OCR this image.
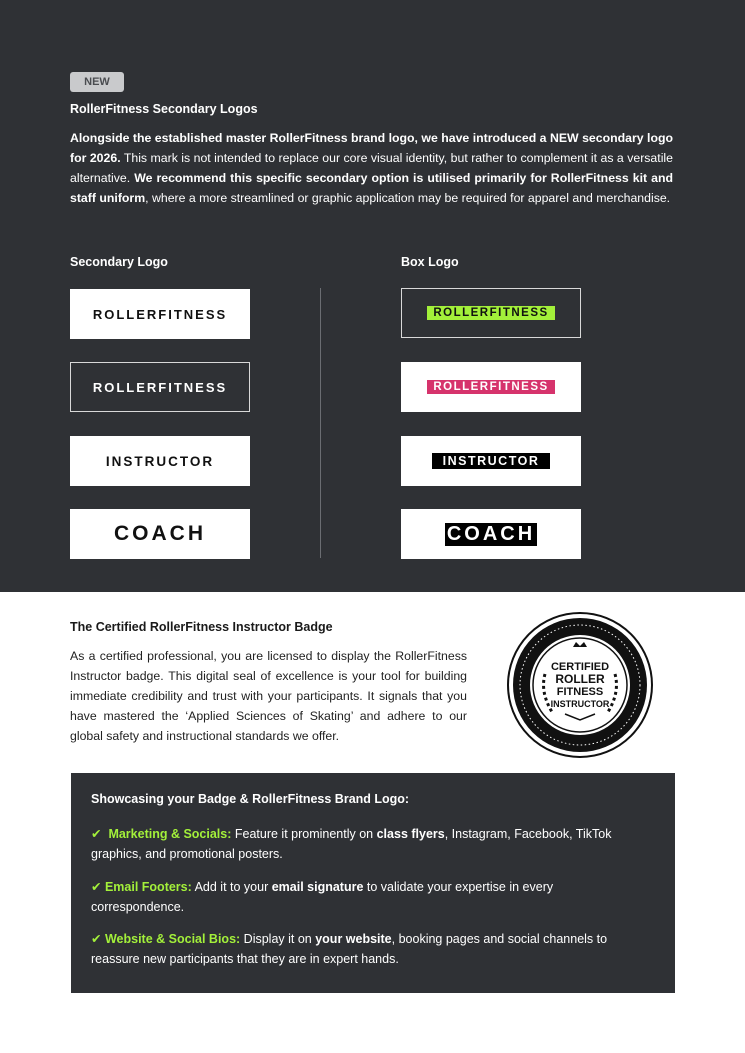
NEW
RollerFitness Secondary Logos
Alongside the established master RollerFitness brand logo, we have introduced a NEW secondary logo for 2026. This mark is not intended to replace our core visual identity, but rather to complement it as a versatile alternative. We recommend this specific secondary option is utilised primarily for RollerFitness kit and staff uniform, where a more streamlined or graphic application may be required for apparel and merchandise.
Secondary Logo	Box Logo
ROLLERFITNESS
ROLLERFITNESS
INSTRUCTOR
COACH
ROLLERFITNESS
ROLLERFITNESS
INSTRUCTOR
COACH
The Certified RollerFitness Instructor Badge
As a certified professional, you are licensed to display the RollerFitness Instructor badge. This digital seal of excellence is your tool for building immediate credibility and trust with your participants. It signals that you have mastered the ‘Applied Sciences of Skating’ and adhere to our global safety and instructional standards we offer.
CERTIFIED
ROLLER
FITNESS
INSTRUCTOR
Showcasing your Badge & RollerFitness Brand Logo:
✔ Marketing & Socials: Feature it prominently on class flyers, Instagram, Facebook, TikTok graphics, and promotional posters.
✔ Email Footers: Add it to your email signature to validate your expertise in every correspondence.
✔ Website & Social Bios: Display it on your website, booking pages and social channels to reassure new participants that they are in expert hands.
